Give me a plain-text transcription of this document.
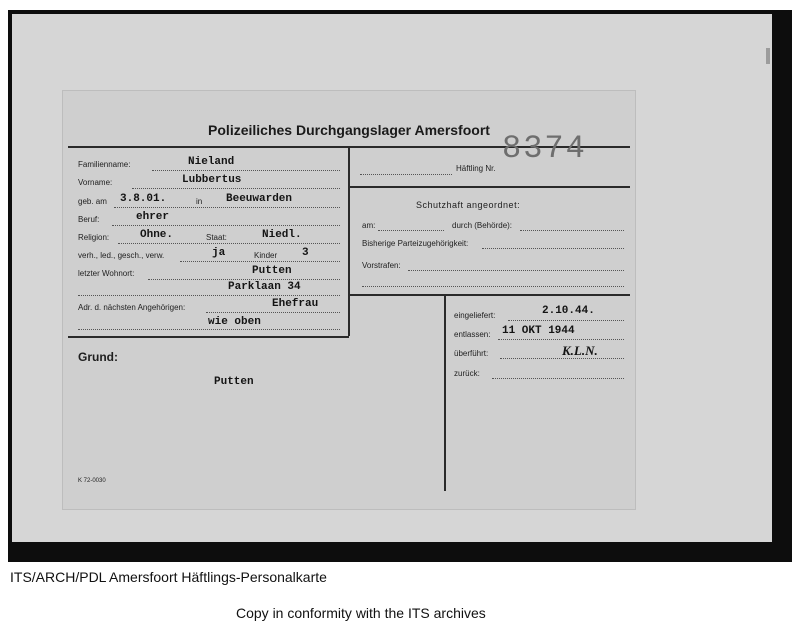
Polizeiliches Durchgangslager Amersfoort
Häftling Nr.
8374
Familienname:	Nieland
Vorname:	Lubbertus
geb. am 3.8.01.	in Beeuwarden
Beruf:	ehrer
Religion:	Ohne.	Staat:	Niedl.
verh., led., gesch., verw.	ja	Kinder 3
letzter Wohnort:	Putten
Parklaan 34
Adr. d. nächsten Angehörigen:	Ehefrau
wie oben
Schutzhaft angeordnet:
am:	durch (Behörde):
Bisherige Parteizugehörigkeit:
Vorstrafen:
Grund:
Putten
eingeliefert:	2.10.44.
entlassen: 11 OKT 1944
überführt:	K.L.N.
zurück:
K 72-0030
ITS/ARCH/PDL Amersfoort Häftlings-Personalkarte
Copy in conformity with the ITS archives
